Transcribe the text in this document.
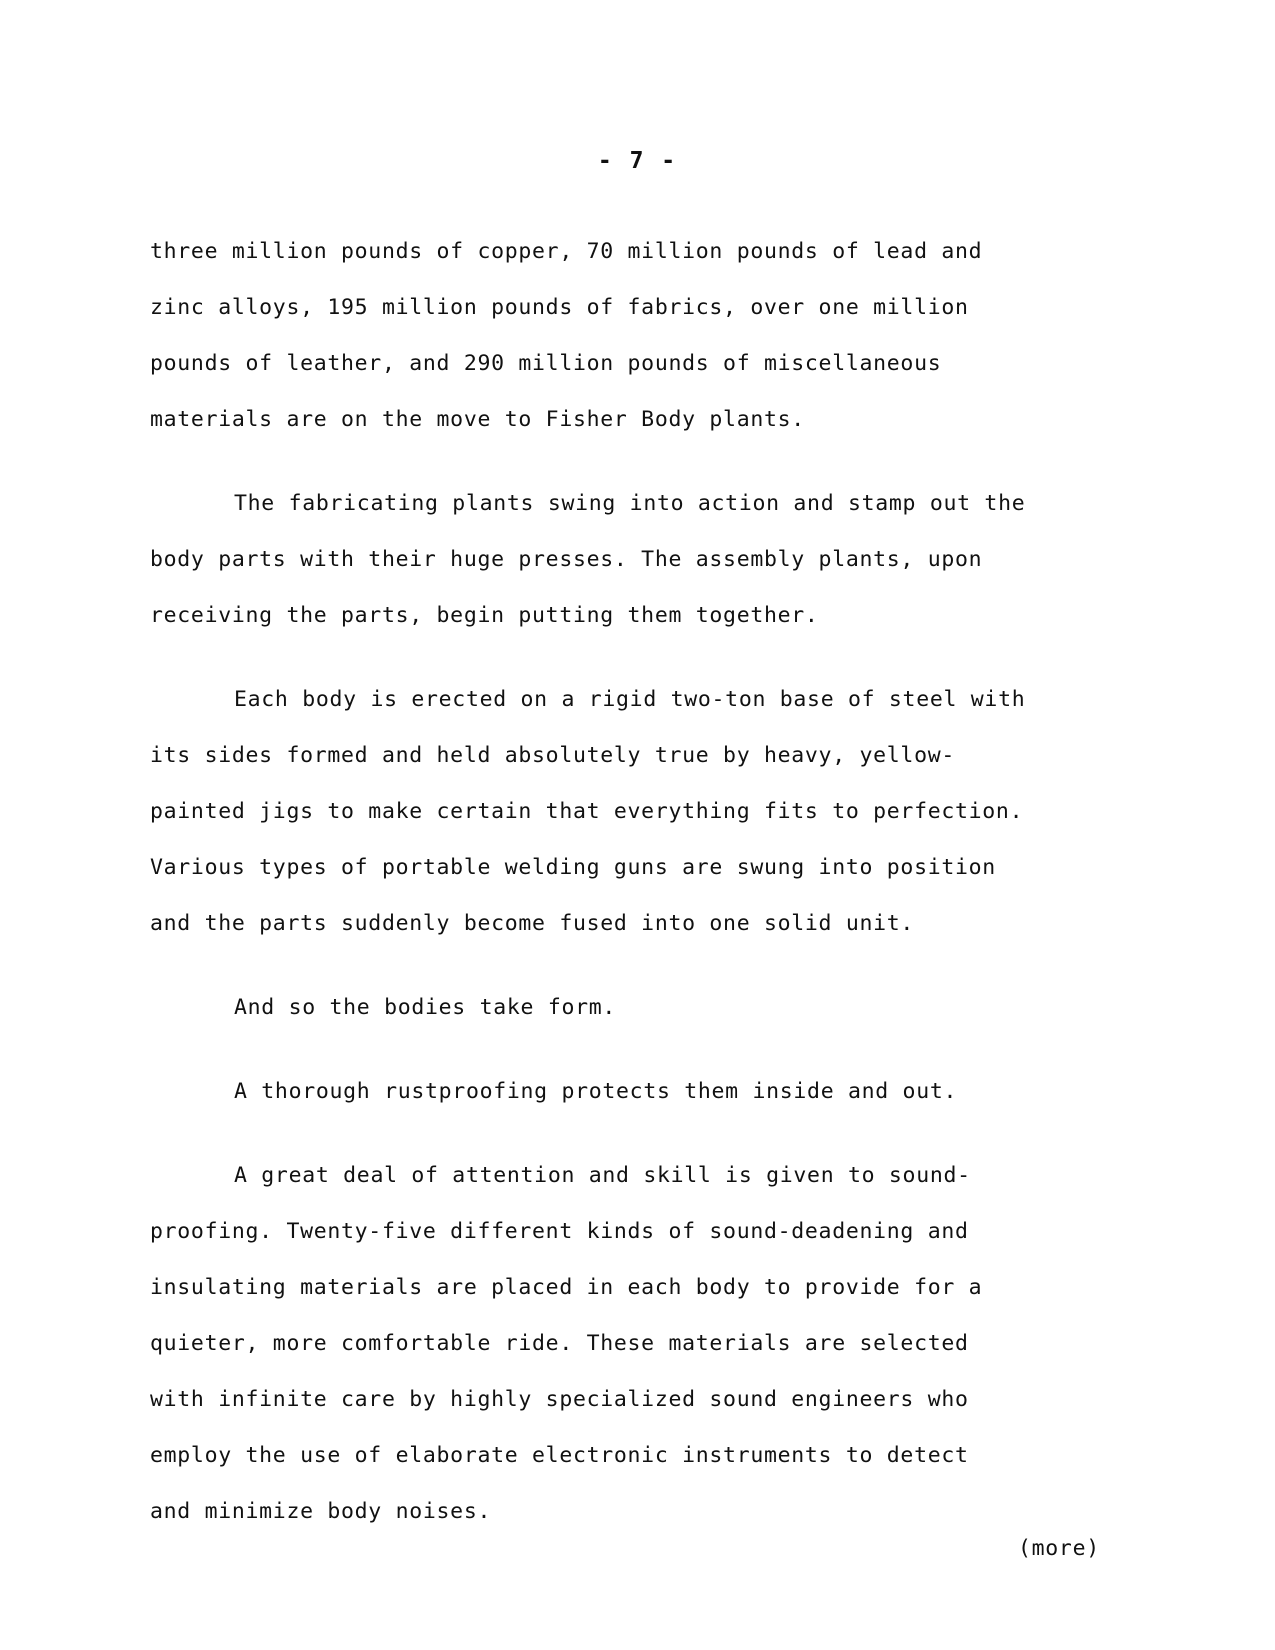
- 7 -

three million pounds of copper, 70 million pounds of lead and
zinc alloys, 195 million pounds of fabrics, over one million
pounds of leather, and 290 million pounds of miscellaneous
materials are on the move to Fisher Body plants.

The fabricating plants swing into action and stamp out the
body parts with their huge presses. The assembly plants, upon
receiving the parts, begin putting them together.

Each body is erected on a rigid two-ton base of steel with
its sides formed and held absolutely true by heavy, yellow-
painted jigs to make certain that everything fits to perfection.
Various types of portable welding guns are swung into position
and the parts suddenly become fused into one solid unit.

And so the bodies take form.

A thorough rustproofing protects them inside and out.

A great deal of attention and skill is given to sound-
proofing. Twenty-five different kinds of sound-deadening and
insulating materials are placed in each body to provide for a
quieter, more comfortable ride. These materials are selected
with infinite care by highly specialized sound engineers who
employ the use of elaborate electronic instruments to detect
and minimize body noises.

(more)
